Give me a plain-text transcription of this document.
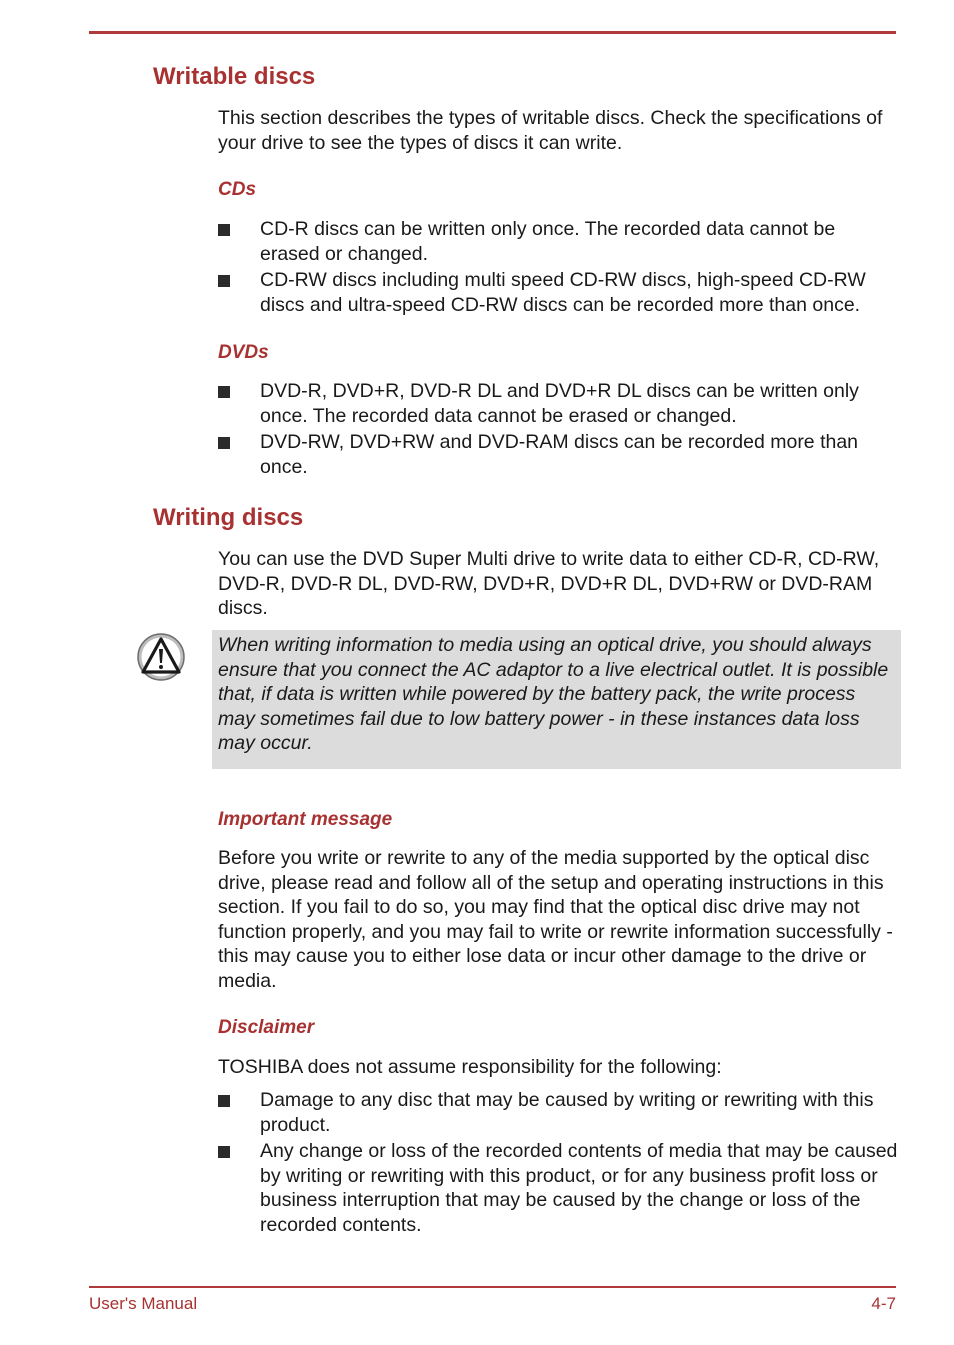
Writable discs

This section describes the types of writable discs. Check the specifications of your drive to see the types of discs it can write.

CDs
CD-R discs can be written only once. The recorded data cannot be erased or changed.
CD-RW discs including multi speed CD-RW discs, high-speed CD-RW discs and ultra-speed CD-RW discs can be recorded more than once.
DVDs
DVD-R, DVD+R, DVD-R DL and DVD+R DL discs can be written only once. The recorded data cannot be erased or changed.
DVD-RW, DVD+RW and DVD-RAM discs can be recorded more than once.
Writing discs

You can use the DVD Super Multi drive to write data to either CD-R, CD-RW, DVD-R, DVD-R DL, DVD-RW, DVD+R, DVD+R DL, DVD+RW or DVD-RAM discs.

When writing information to media using an optical drive, you should always ensure that you connect the AC adaptor to a live electrical outlet. It is possible that, if data is written while powered by the battery pack, the write process may sometimes fail due to low battery power - in these instances data loss may occur.
Important message

Before you write or rewrite to any of the media supported by the optical disc drive, please read and follow all of the setup and operating instructions in this section. If you fail to do so, you may find that the optical disc drive may not function properly, and you may fail to write or rewrite information successfully - this may cause you to either lose data or incur other damage to the drive or media.

Disclaimer

TOSHIBA does not assume responsibility for the following:

Damage to any disc that may be caused by writing or rewriting with this product.
Any change or loss of the recorded contents of media that may be caused by writing or rewriting with this product, or for any business profit loss or business interruption that may be caused by the change or loss of the recorded contents.
User's Manual	4-7
